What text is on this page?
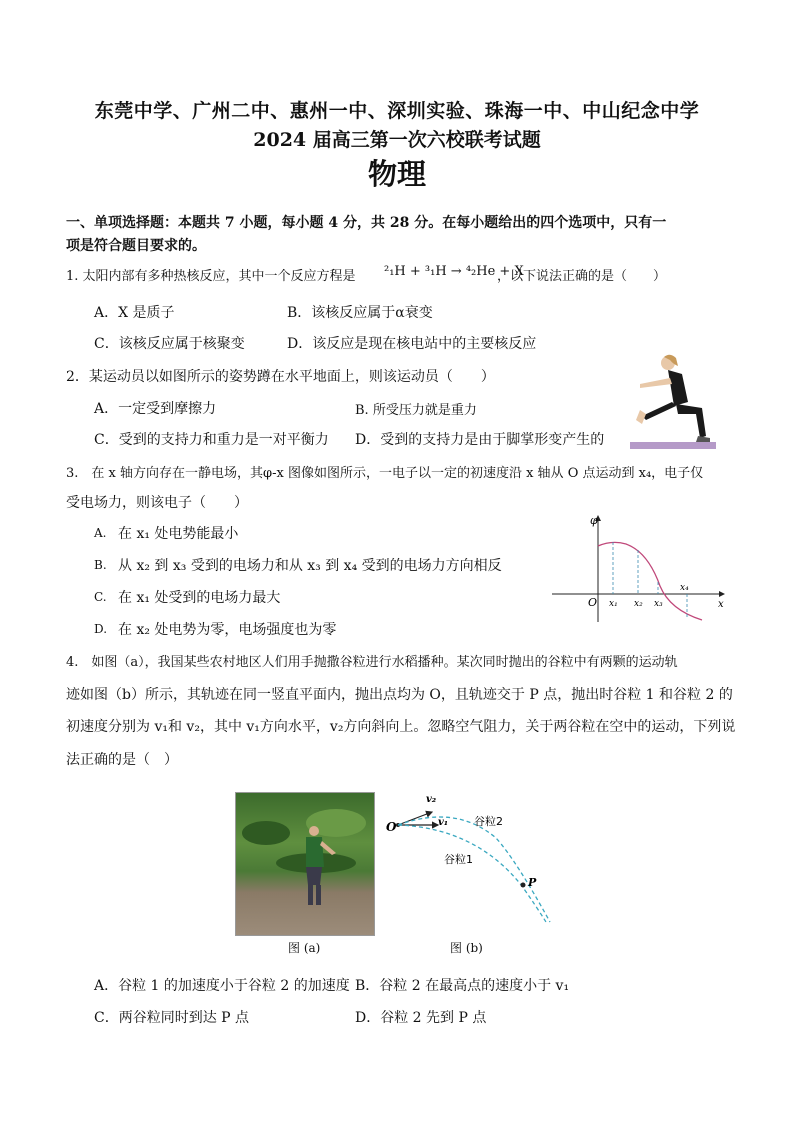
东莞中学、广州二中、惠州一中、深圳实验、珠海一中、中山纪念中学
2024 届高三第一次六校联考试题
物理
一、单项选择题：本题共 7 小题，每小题 4 分，共 28 分。在每小题给出的四个选项中，只有一
项是符合题目要求的。
1. 太阳内部有多种热核反应，其中一个反应方程是 ²₁H + ³₁H → ⁴₂He + X
，以下说法正确的是（　　）
A．X 是质子	B．该核反应属于α衰变
C．该核反应属于核聚变	D．该反应是现在核电站中的主要核反应
2．某运动员以如图所示的姿势蹲在水平地面上，则该运动员（　　）
A．一定受到摩擦力	B. 所受压力就是重力
C．受到的支持力和重力是一对平衡力 D．受到的支持力是由于脚掌形变产生的
3.　在 x 轴方向存在一静电场，其φ-x 图像如图所示，一电子以一定的初速度沿 x 轴从 O 点运动到 x₄，电子仅
受电场力，则该电子（　　）
A. 在 x₁ 处电势能最小
B. 从 x₂ 到 x₃ 受到的电场力和从 x₃ 到 x₄ 受到的电场力方向相反
C. 在 x₁ 处受到的电场力最大
D. 在 x₂ 处电势为零，电场强度也为零
φ
x
O x₁ x₂ x₃
x₄
4.　如图（a），我国某些农村地区人们用手抛撒谷粒进行水稻播种。某次同时抛出的谷粒中有两颗的运动轨
迹如图（b）所示，其轨迹在同一竖直平面内，抛出点均为 O，且轨迹交于 P 点，抛出时谷粒 1 和谷粒 2 的
初速度分别为 v₁和 v₂，其中 v₁方向水平，v₂方向斜向上。忽略空气阻力，关于两谷粒在空中的运动，下列说
法正确的是（　）
图 (a)
O
v₂
v₁ 谷粒2
谷粒1
P
图 (b)
A．谷粒 1 的加速度小于谷粒 2 的加速度 B．谷粒 2 在最高点的速度小于 v₁
C．两谷粒同时到达 P 点	D．谷粒 2 先到 P 点
